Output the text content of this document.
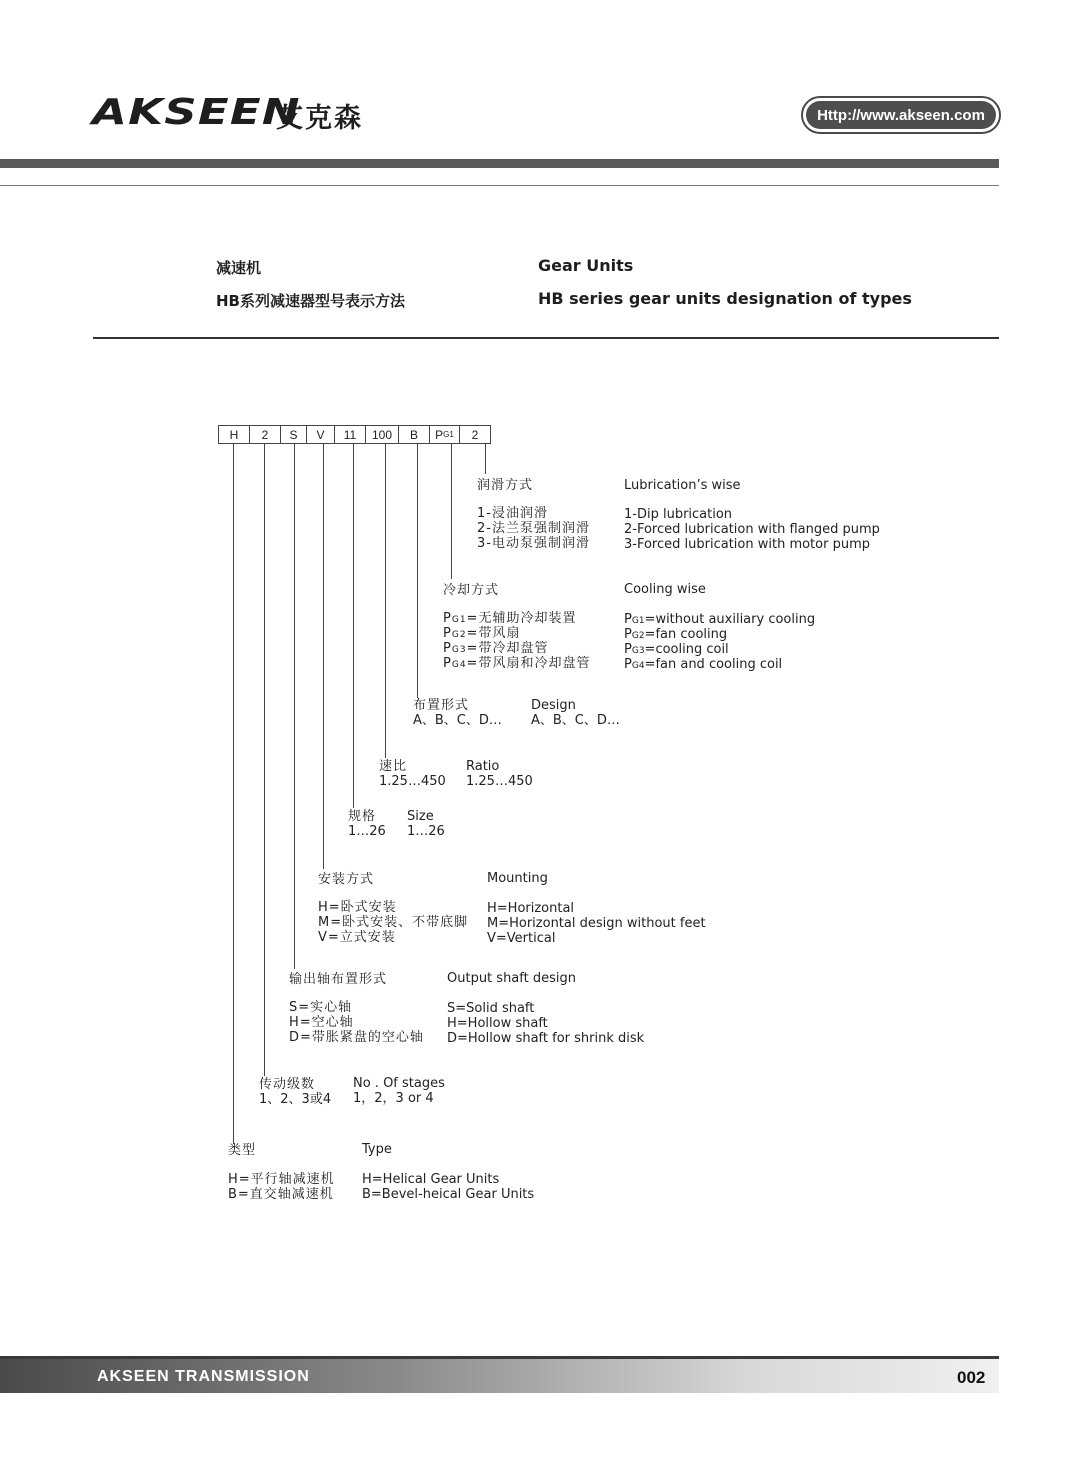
AKSEEN
艾克森	Http://www.akseen.com
减速机
HB系列减速器型号表示方法
Gear Units
HB series gear units designation of types
H	2	S	V	11	100	B	P G1	2
润滑方式
1-浸油润滑
2-法兰泵强制润滑
3-电动泵强制润滑
Lubrication’s wise
1-Dip lubrication
2-Forced lubrication with flanged pump
3-Forced lubrication with motor pump
冷却方式
PG1=无辅助冷却装置
PG2=带风扇
PG3=带冷却盘管
PG4=带风扇和冷却盘管
Cooling wise
PG1=without auxiliary cooling
PG2=fan cooling
PG3=cooling coil
PG4=fan and cooling coil
布置形式
A、B、C、D…
Design
A、B、C、D…
速比
1.25…450
Ratio
1.25…450
规格
1…26
Size
1…26
安装方式
H=卧式安装
M=卧式安装、不带底脚
V=立式安装
Mounting
H=Horizontal
M=Horizontal design without feet
V=Vertical
输出轴布置形式
S=实心轴
H=空心轴
D=带胀紧盘的空心轴
Output shaft design
S=Solid shaft
H=Hollow shaft
D=Hollow shaft for shrink disk
传动级数
1、2、3或4
No . Of stages
1，2，3 or 4
类型
H=平行轴减速机
B=直交轴减速机
Type
H=Helical Gear Units
B=Bevel-heical Gear Units
AKSEEN TRANSMISSION	002
